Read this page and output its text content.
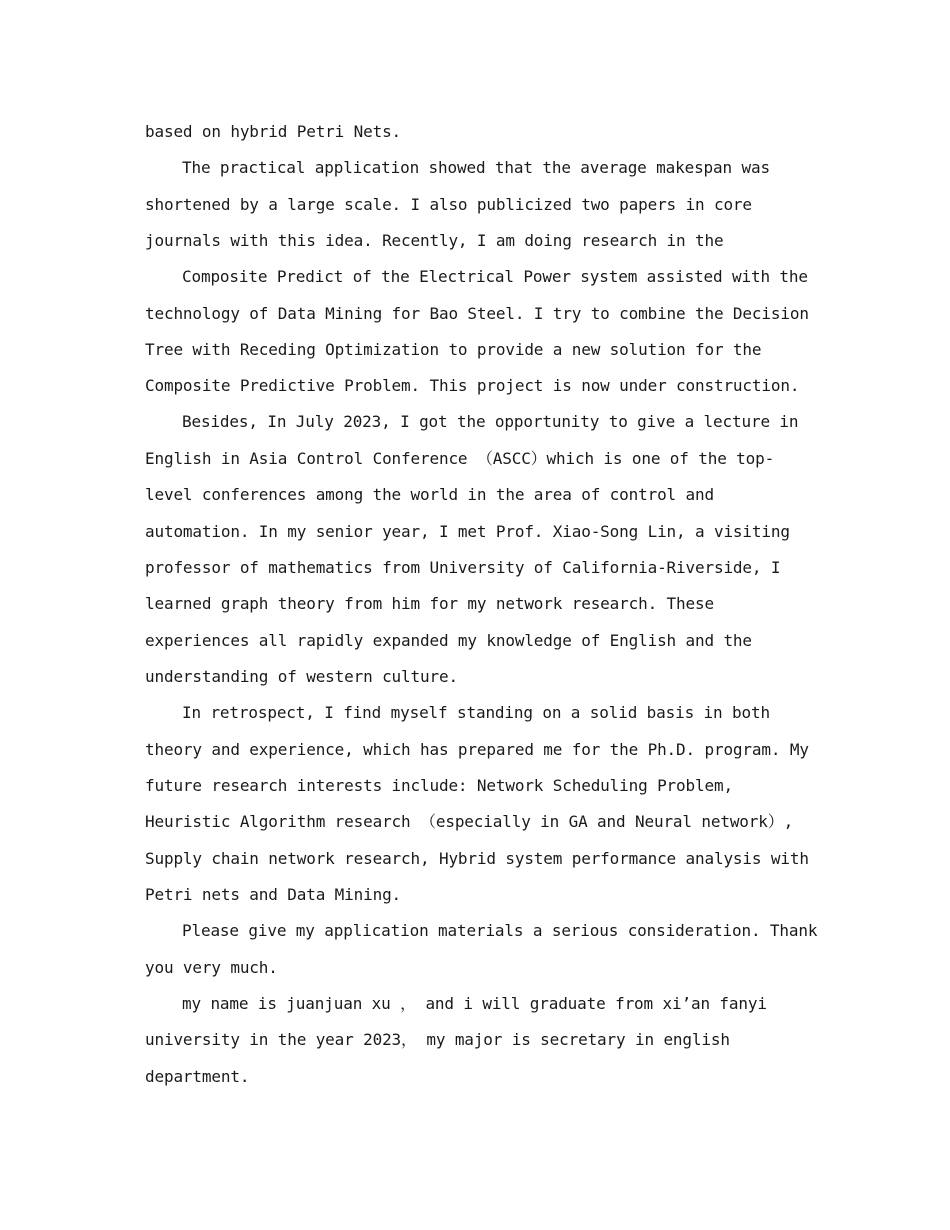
based on hybrid Petri Nets.
The practical application showed that the average makespan was
shortened by a large scale. I also publicized two papers in core
journals with this idea. Recently, I am doing research in the
Composite Predict of the Electrical Power system assisted with the
technology of Data Mining for Bao Steel. I try to combine the Decision
Tree with Receding Optimization to provide a new solution for the
Composite Predictive Problem. This project is now under construction.
Besides, In July 2023, I got the opportunity to give a lecture in
English in Asia Control Conference （ASCC）which is one of the top-
level conferences among the world in the area of control and
automation. In my senior year, I met Prof. Xiao-Song Lin, a visiting
professor of mathematics from University of California-Riverside, I
learned graph theory from him for my network research. These
experiences all rapidly expanded my knowledge of English and the
understanding of western culture.
In retrospect, I find myself standing on a solid basis in both
theory and experience, which has prepared me for the Ph.D. program. My
future research interests include: Network Scheduling Problem,
Heuristic Algorithm research （especially in GA and Neural network）,
Supply chain network research, Hybrid system performance analysis with
Petri nets and Data Mining.
Please give my application materials a serious consideration. Thank
you very much.
my name is juanjuan xu ， and i will graduate from xi’an fanyi
university in the year 2023， my major is secretary in english
department.
